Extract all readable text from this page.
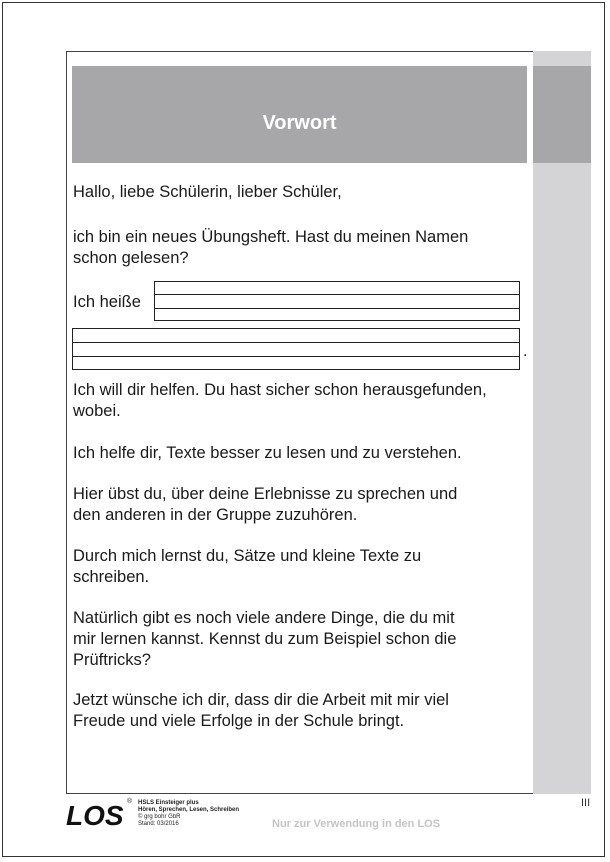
Vorwort
Hallo, liebe Schülerin, lieber Schüler,
ich bin ein neues Übungsheft. Hast du meinen Namen
schon gelesen?
Ich heiße
.
Ich will dir helfen. Du hast sicher schon herausgefunden,
wobei.
Ich helfe dir, Texte besser zu lesen und zu verstehen.
Hier übst du, über deine Erlebnisse zu sprechen und
den anderen in der Gruppe zuzuhören.
Durch mich lernst du, Sätze und kleine Texte zu
schreiben.
Natürlich gibt es noch viele andere Dinge, die du mit
mir lernen kannst. Kennst du zum Beispiel schon die
Prüftricks?
Jetzt wünsche ich dir, dass dir die Arbeit mit mir viel
Freude und viele Erfolge in der Schule bringt.
III
LOS ® HSLS Einsteiger plus
Hören, Sprechen, Lesen, Schreiben
© grg bohr GbR
Stand: 03/2016	Nur zur Verwendung in den LOS
